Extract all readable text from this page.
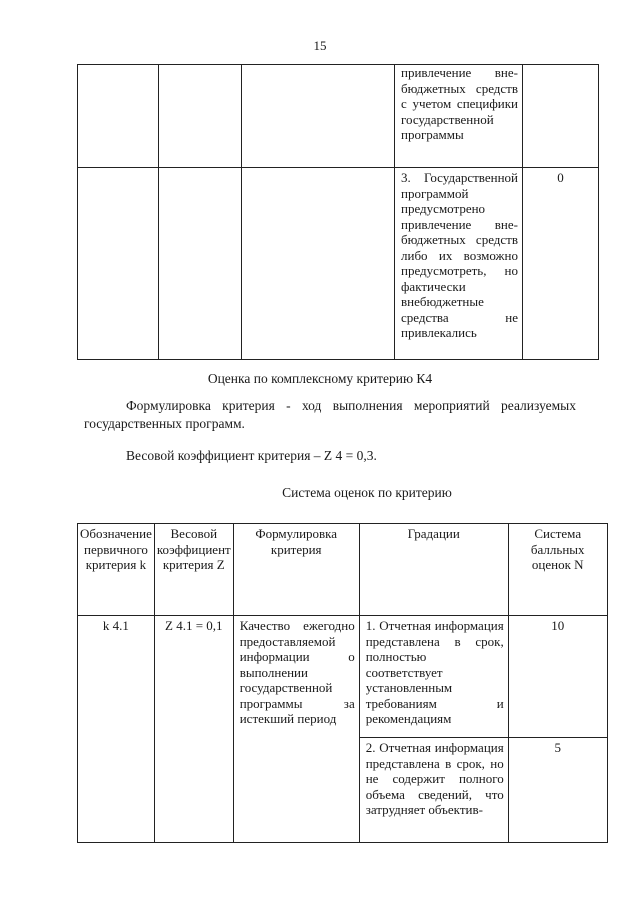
15
			привлечение вне-бюджетных средств с учетом специфики государственной программы	
			3. Государственной программой предусмотрено привлечение вне-бюджетных средств либо их возможно предусмотреть, но фактически внебюджетные средства не привлекались	0
Оценка по комплексному критерию К4
Формулировка критерия - ход выполнения мероприятий реализуемых государственных программ.
Весовой коэффициент критерия – Z 4 = 0,3.
Система оценок по критерию
Обозначение первичного критерия k	Весовой коэффициент критерия Z	Формулировка критерия	Градации	Система балльных оценок N
k 4.1	Z 4.1 = 0,1	Качество ежегодно предоставляемой информации о выполнении государственной программы за истекший период	1. Отчетная информация представлена в срок, полностью соответствует установленным требованиям и рекомендациям	10
			2. Отчетная информация представлена в срок, но не содержит полного объема сведений, что затрудняет объектив-	5
